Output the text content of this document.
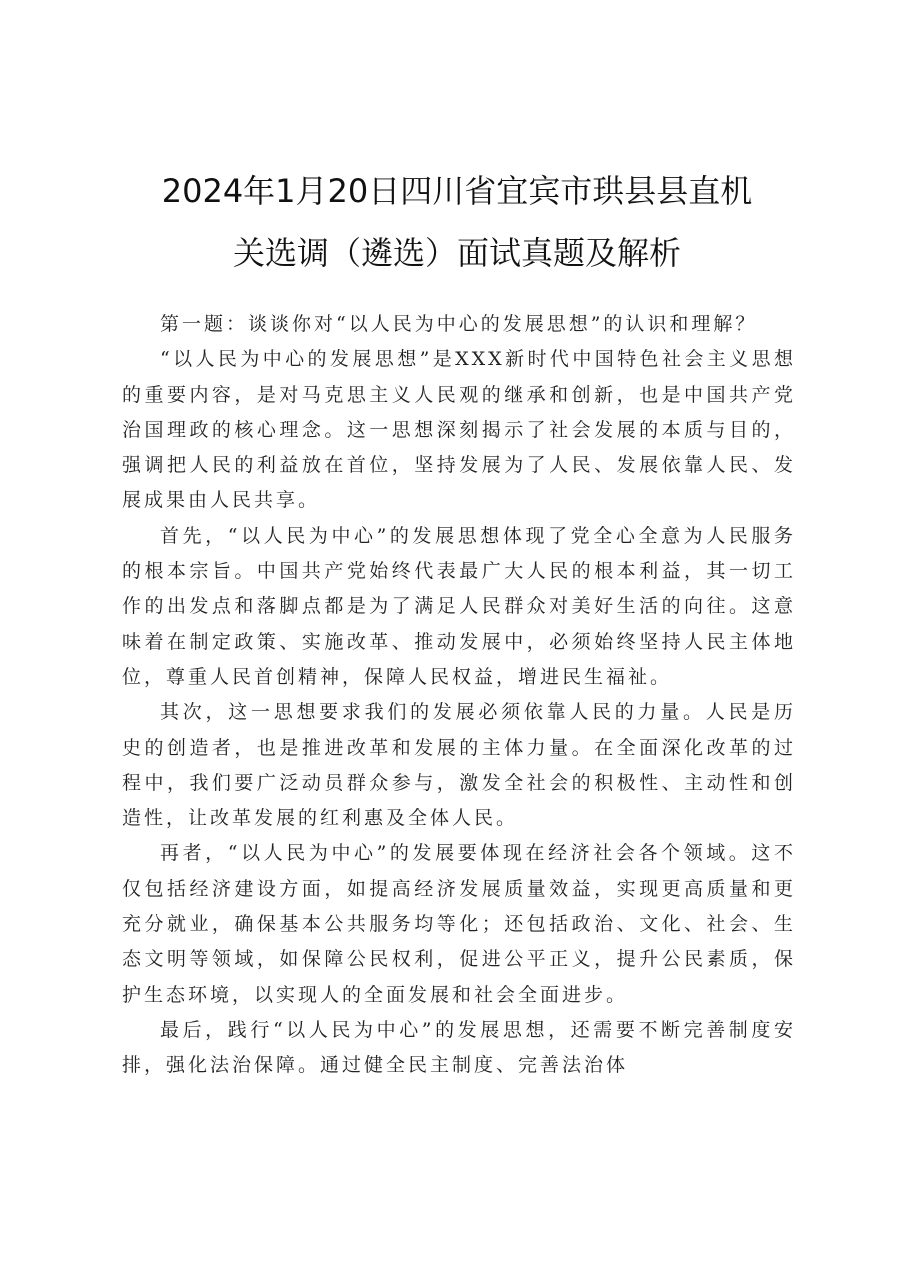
2024年1月20日四川省宜宾市珙县县直机
关选调（遴选）面试真题及解析

第一题：谈谈你对“以人民为中心的发展思想”的认识和理解？

“以人民为中心的发展思想”是XXX新时代中国特色社会主义思想的重要内容，是对马克思主义人民观的继承和创新，也是中国共产党治国理政的核心理念。这一思想深刻揭示了社会发展的本质与目的，强调把人民的利益放在首位，坚持发展为了人民、发展依靠人民、发展成果由人民共享。

首先，“以人民为中心”的发展思想体现了党全心全意为人民服务的根本宗旨。中国共产党始终代表最广大人民的根本利益，其一切工作的出发点和落脚点都是为了满足人民群众对美好生活的向往。这意味着在制定政策、实施改革、推动发展中，必须始终坚持人民主体地位，尊重人民首创精神，保障人民权益，增进民生福祉。

其次，这一思想要求我们的发展必须依靠人民的力量。人民是历史的创造者，也是推进改革和发展的主体力量。在全面深化改革的过程中，我们要广泛动员群众参与，激发全社会的积极性、主动性和创造性，让改革发展的红利惠及全体人民。

再者，“以人民为中心”的发展要体现在经济社会各个领域。这不仅包括经济建设方面，如提高经济发展质量效益，实现更高质量和更充分就业，确保基本公共服务均等化；还包括政治、文化、社会、生态文明等领域，如保障公民权利，促进公平正义，提升公民素质，保护生态环境，以实现人的全面发展和社会全面进步。

最后，践行“以人民为中心”的发展思想，还需要不断完善制度安排，强化法治保障。通过健全民主制度、完善法治体
